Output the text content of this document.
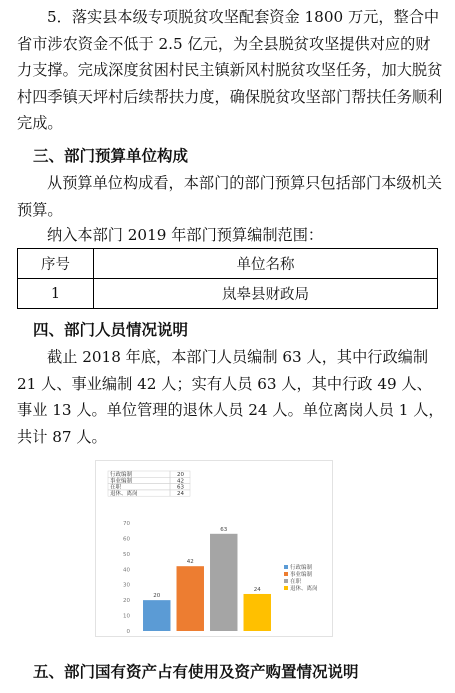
5．落实县本级专项脱贫攻坚配套资金 1800 万元，整合中省市涉农资金不低于 2.5 亿元，为全县脱贫攻坚提供对应的财力支撑。完成深度贫困村民主镇新风村脱贫攻坚任务，加大脱贫村四季镇天坪村后续帮扶力度，确保脱贫攻坚部门帮扶任务顺利完成。

三、部门预算单位构成

从预算单位构成看，本部门的部门预算只包括部门本级机关预算。

纳入本部门 2019 年部门预算编制范围：

序号	单位名称
1	岚皋县财政局

四、部门人员情况说明

截止 2018 年底，本部门人员编制 63 人，其中行政编制 21 人、事业编制 42 人；实有人员 63 人，其中行政 49 人、事业 13 人。单位管理的退休人员 24 人。单位离岗人员 1 人，共计 87 人。

行政编制	20
事业编制	42
在职	63
退休、离岗	24
0
10
20
30
40
50
60
70
20
42
63
24
行政编制
事业编制
在职
退休、离岗

五、部门国有资产占有使用及资产购置情况说明
